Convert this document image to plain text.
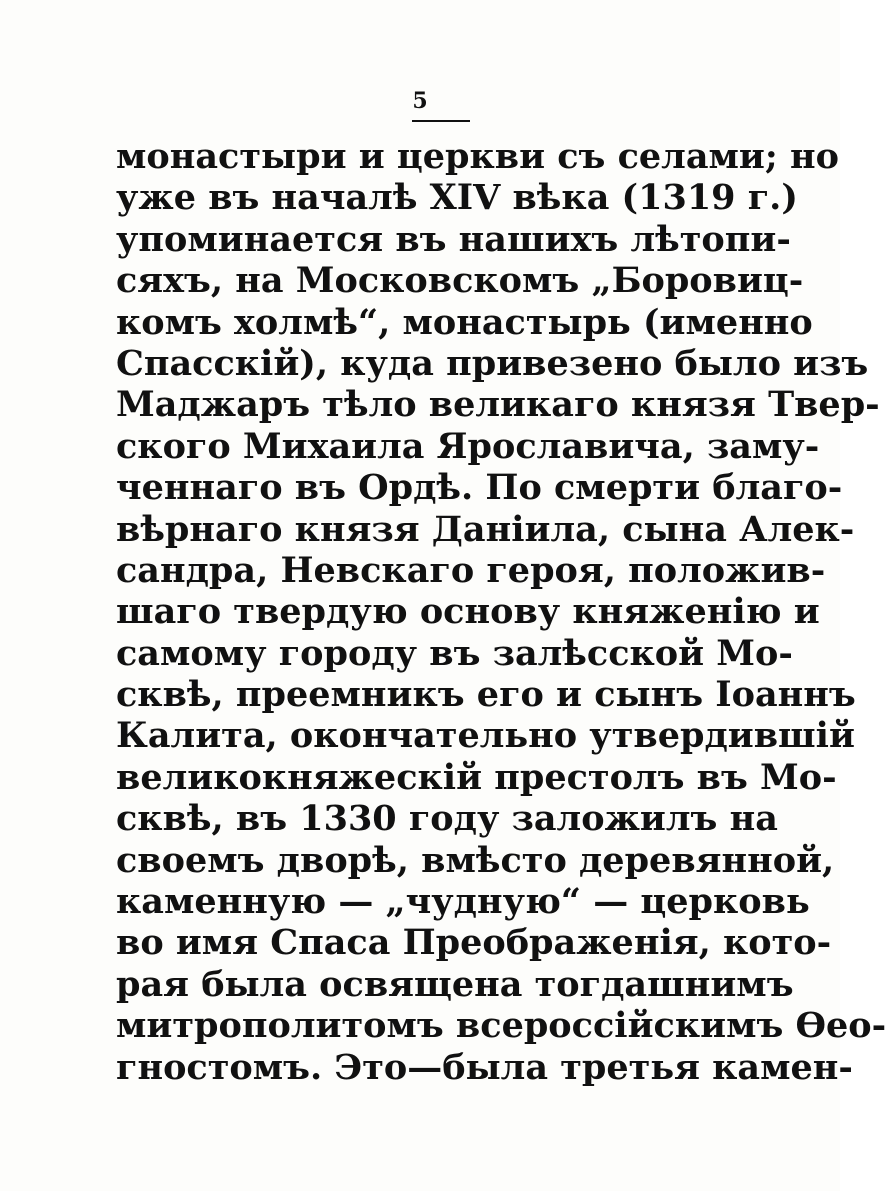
5
монастыри и церкви съ селами; но
уже въ началѣ XIV вѣка (1319 г.)
упоминается въ нашихъ лѣтопи-
сяхъ, на Московскомъ „Боровиц-
комъ холмѣ“, монастырь (именно
Спасскій), куда привезено было изъ
Маджаръ тѣло великаго князя Твер-
ского Михаила Ярославича, заму-
ченнаго въ Ордѣ. По смерти благо-
вѣрнаго князя Даніила, сына Алек-
сандра, Невскаго героя, положив-
шаго твердую основу княженію и
самому городу въ залѣсской Мо-
сквѣ, преемникъ его и сынъ Іоаннъ
Калита, окончательно утвердившій
великокняжескій престолъ въ Мо-
сквѣ, въ 1330 году заложилъ на
своемъ дворѣ, вмѣсто деревянной,
каменную — „чудную“ — церковь
во имя Спаса Преображенія, кото-
рая была освящена тогдашнимъ
митрополитомъ всероссійскимъ Ѳео-
гностомъ. Это—была третья камен-
